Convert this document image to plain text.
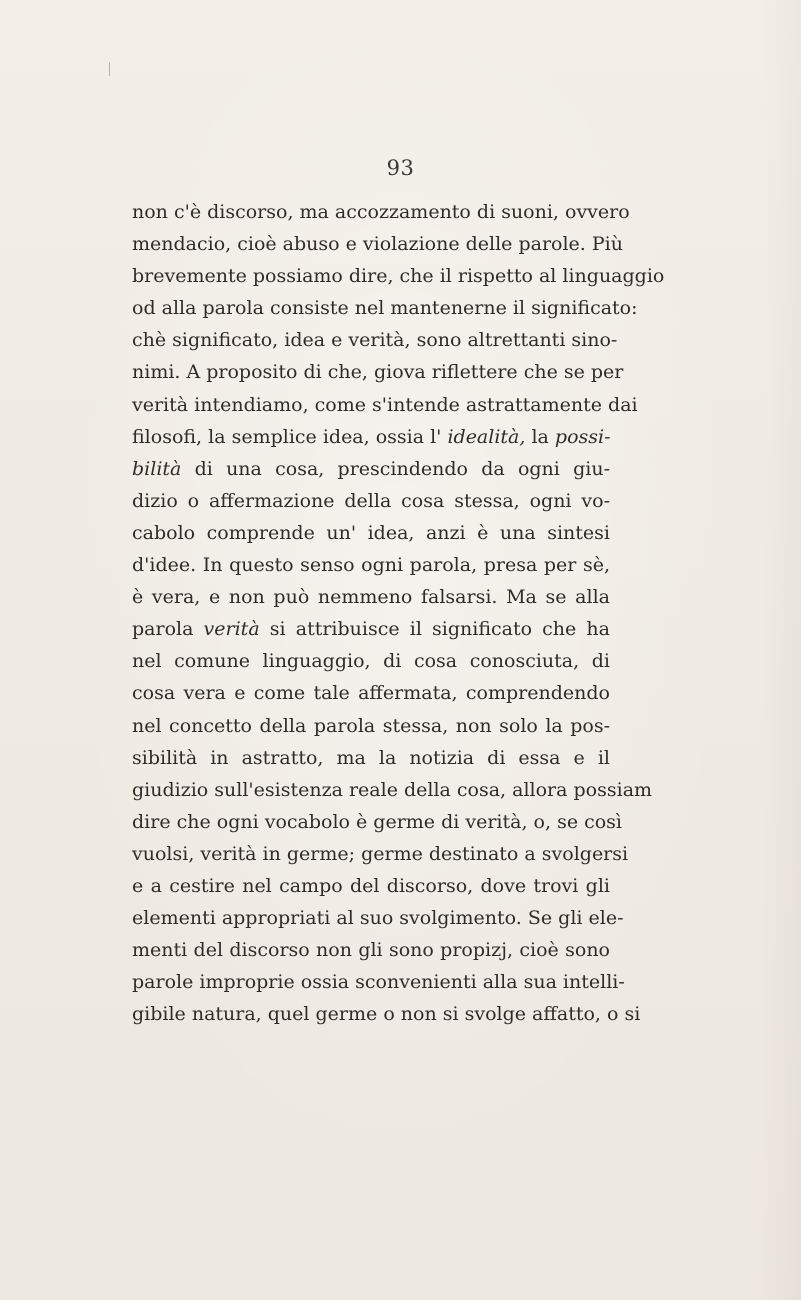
93
non c'è discorso, ma accozzamento di suoni, ovvero
mendacio, cioè abuso e violazione delle parole. Più
brevemente possiamo dire, che il rispetto al linguaggio
od alla parola consiste nel mantenerne il significato:
chè significato, idea e verità, sono altrettanti sino-
nimi. A proposito di che, giova riflettere che se per
verità intendiamo, come s'intende astrattamente dai
filosofi, la semplice idea, ossia l' idealità, la possi-
bilità di una cosa, prescindendo da ogni giu-
dizio o affermazione della cosa stessa, ogni vo-
cabolo comprende un' idea, anzi è una sintesi
d'idee. In questo senso ogni parola, presa per sè,
è vera, e non può nemmeno falsarsi. Ma se alla
parola verità si attribuisce il significato che ha
nel comune linguaggio, di cosa conosciuta, di
cosa vera e come tale affermata, comprendendo
nel concetto della parola stessa, non solo la pos-
sibilità in astratto, ma la notizia di essa e il
giudizio sull'esistenza reale della cosa, allora possiam
dire che ogni vocabolo è germe di verità, o, se così
vuolsi, verità in germe; germe destinato a svolgersi
e a cestire nel campo del discorso, dove trovi gli
elementi appropriati al suo svolgimento. Se gli ele-
menti del discorso non gli sono propizj, cioè sono
parole improprie ossia sconvenienti alla sua intelli-
gibile natura, quel germe o non si svolge affatto, o si
